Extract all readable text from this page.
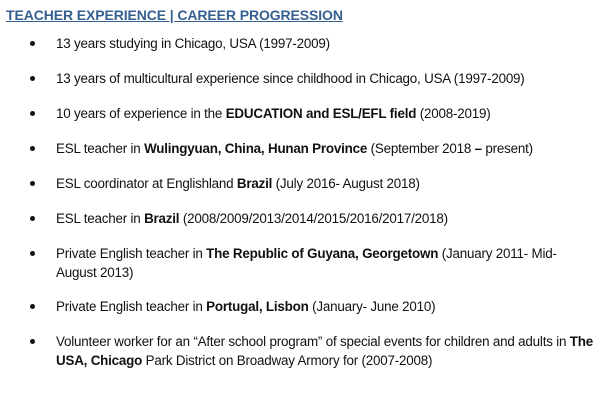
TEACHER EXPERIENCE | CAREER PROGRESSION
13 years studying in Chicago, USA (1997-2009)
13 years of multicultural experience since childhood in Chicago, USA (1997-2009)
10 years of experience in the EDUCATION and ESL/EFL field (2008-2019)
ESL teacher in Wulingyuan, China, Hunan Province (September 2018 – present)
ESL coordinator at Englishland Brazil (July 2016- August 2018)
ESL teacher in Brazil (2008/2009/2013/2014/2015/2016/2017/2018)
Private English teacher in The Republic of Guyana, Georgetown (January 2011- Mid-August 2013)
Private English teacher in Portugal, Lisbon (January- June 2010)
Volunteer worker for an “After school program” of special events for children and adults in The USA, Chicago Park District on Broadway Armory for (2007-2008)
